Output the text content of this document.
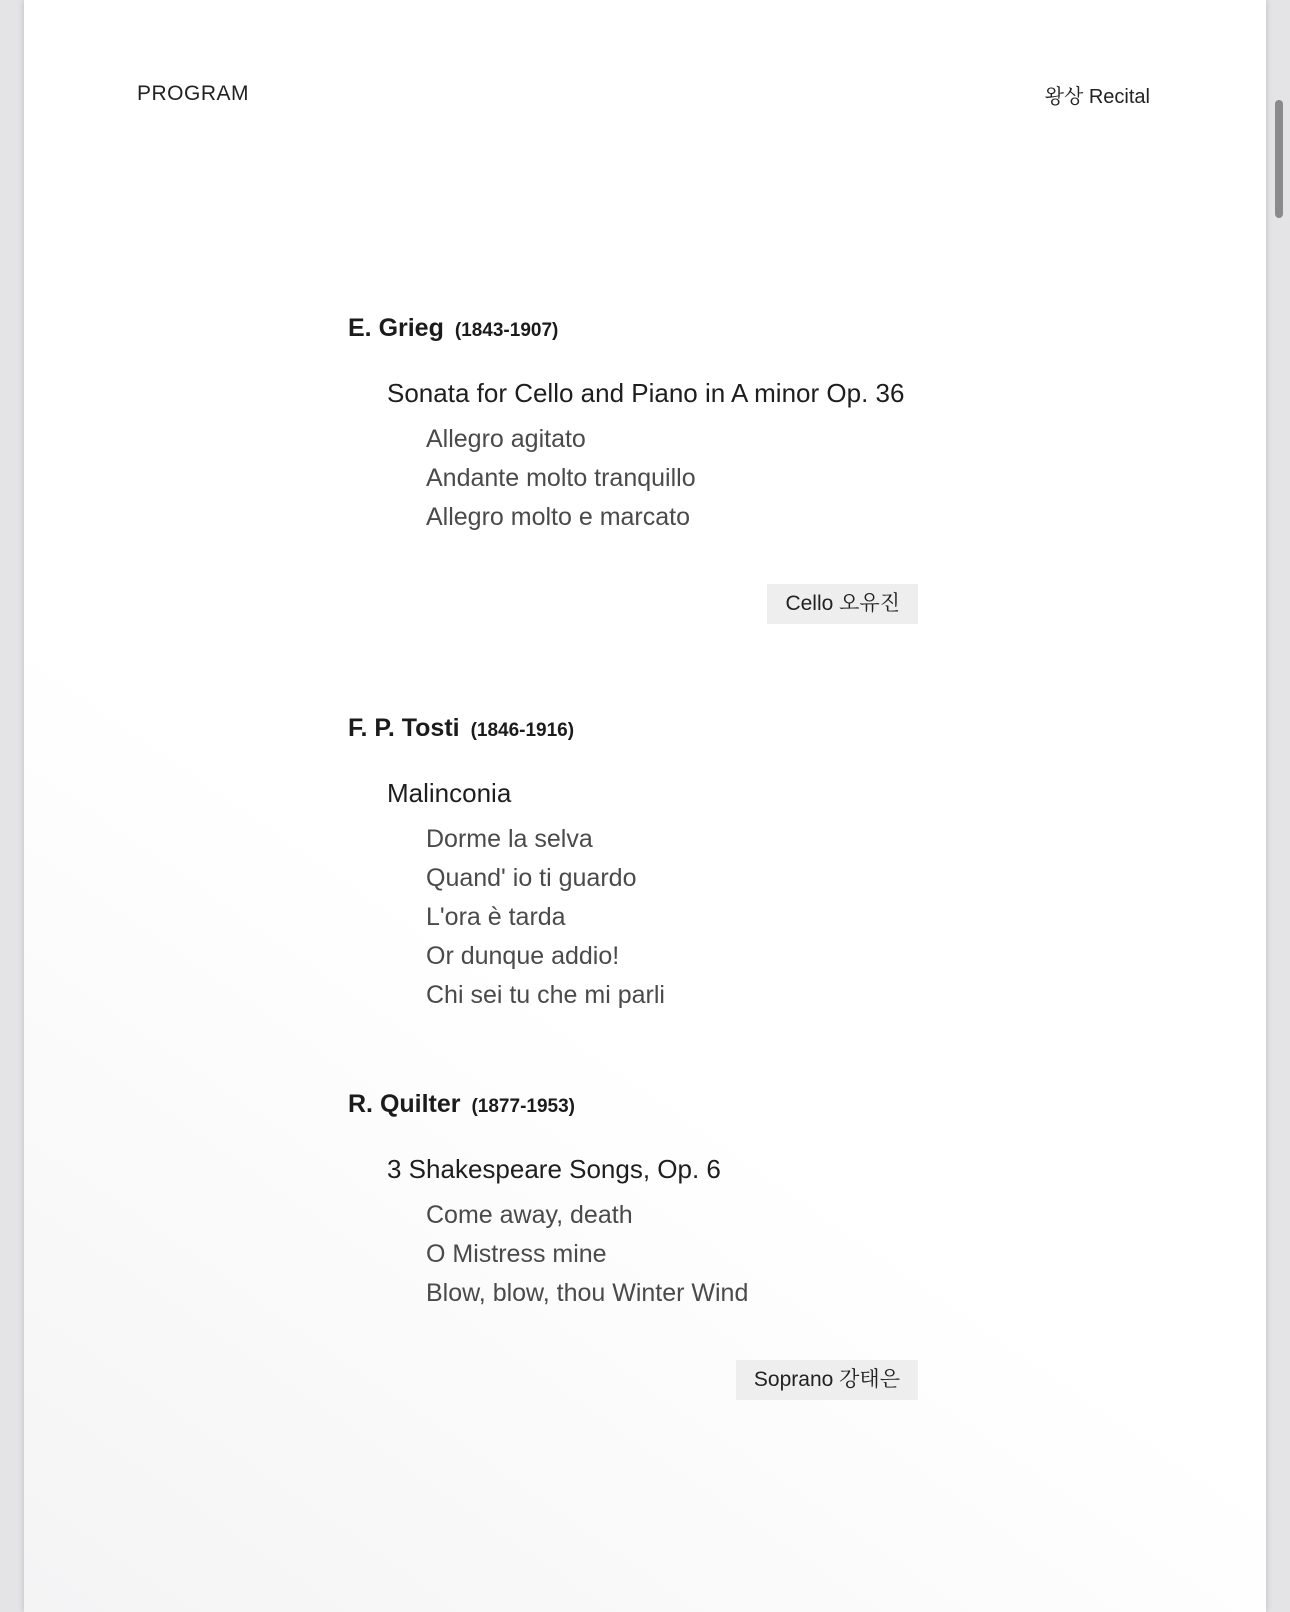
PROGRAM	왕상 Recital
E. Grieg (1843-1907)
Sonata for Cello and Piano in A minor Op. 36
Allegro agitato
Andante molto tranquillo
Allegro molto e marcato
Cello 오유진
F. P. Tosti (1846-1916)
Malinconia
Dorme la selva
Quand' io ti guardo
L'ora è tarda
Or dunque addio!
Chi sei tu che mi parli
R. Quilter (1877-1953)
3 Shakespeare Songs, Op. 6
Come away, death
O Mistress mine
Blow, blow, thou Winter Wind
Soprano 강태은
